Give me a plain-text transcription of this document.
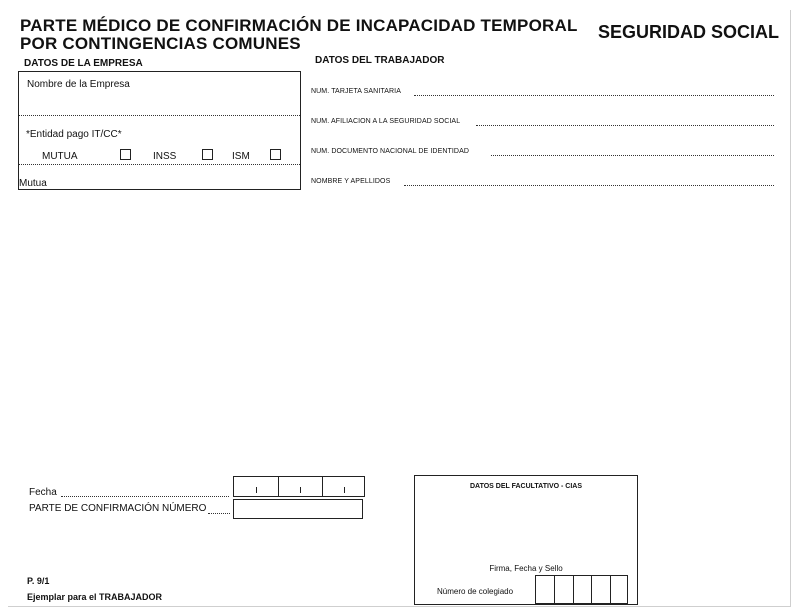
PARTE MÉDICO DE CONFIRMACIÓN DE INCAPACIDAD TEMPORAL
POR CONTINGENCIAS COMUNES
SEGURIDAD SOCIAL
DATOS DE LA EMPRESA	DATOS DEL TRABAJADOR
Nombre de la Empresa
*Entidad pago IT/CC*
MUTUA	INSS	ISM
Mutua
NUM. TARJETA SANITARIA
NUM. AFILIACION A LA SEGURIDAD SOCIAL
NUM. DOCUMENTO NACIONAL DE IDENTIDAD
NOMBRE Y APELLIDOS
Fecha
PARTE DE CONFIRMACIÓN NÚMERO
DATOS DEL FACULTATIVO - CIAS
Firma, Fecha y Sello
Número de colegiado
P. 9/1
Ejemplar para el TRABAJADOR
